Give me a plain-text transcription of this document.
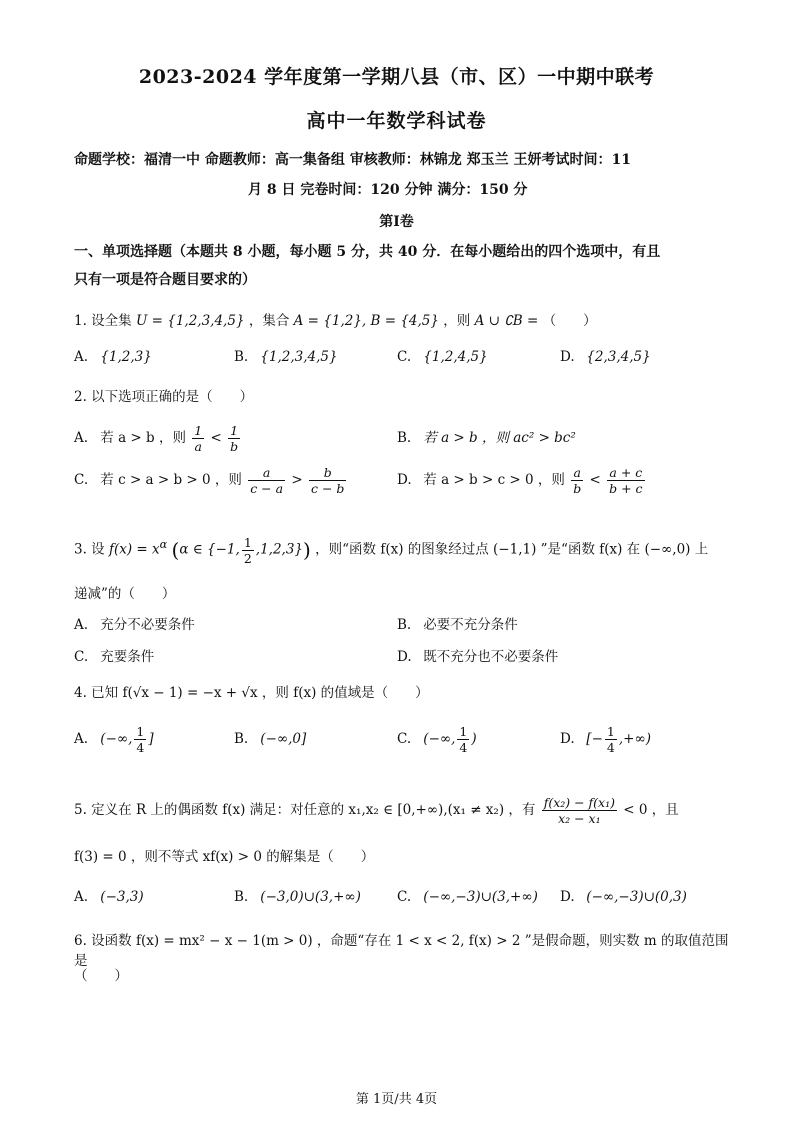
2023-2024 学年度第一学期八县（市、区）一中期中联考
高中一年数学科试卷
命题学校：福清一中 命题教师：高一集备组 审核教师：林锦龙 郑玉兰 王妍考试时间：11
月 8 日 完卷时间：120 分钟 满分：150 分
第Ⅰ卷
一、单项选择题（本题共 8 小题，每小题 5 分，共 40 分．在每小题给出的四个选项中，有且
只有一项是符合题目要求的）
1. 设全集 U = {1,2,3,4,5} ，集合 A = {1,2}, B = {4,5} ，则 A ∪ ∁B = （　　）
A. {1,2,3}	B. {1,2,3,4,5}	C. {1,2,4,5}	D. {2,3,4,5}
2. 以下选项正确的是（　　）
A. 若 a > b ，则 $\frac{1}{a} < \frac{1}{b}$	B. 若 a > b ，则 ac² > bc²
C. 若 c > a > b > 0 ，则 $\frac{a}{c - a} > \frac{b}{c - b}$	D. 若 a > b > c > 0 ，则 $\frac{a}{b} < \frac{a + c}{b + c}$
3. 设 $f(x) = x^\alpha$ (α ∈ {−1, $\frac{1}{2} ,1,2,3$}) ，则“函数 f(x) 的图象经过点 (−1,1) ”是“函数 f(x) 在 (−∞,0) 上
递减”的（　　）
A. 充分不必要条件	B. 必要不充分条件
C. 充要条件	D. 既不充分也不必要条件
4. 已知 f(√x − 1) = −x + √x ，则 f(x) 的值域是（　　）
A. (−∞, $\frac{1}{4}$ ]	B. (−∞,0]	C. (−∞, $\frac{1}{4}$ )	D. [− $\frac{1}{4}$ ,+∞)
5. 定义在 R 上的偶函数 f(x) 满足：对任意的 x₁,x₂ ∈ [0,+∞),(x₁ ≠ x₂) ，有 $\frac{\text{f(x₂) − f(x₁)}}{\text{x₂ − x₁}} < 0$ ，且
f(3) = 0 ，则不等式 xf(x) > 0 的解集是（　　）
A. (−3,3)	B. (−3,0)∪(3,+∞)	C. (−∞,−3)∪(3,+∞) D. (−∞,−3)∪(0,3)
6. 设函数 f(x) = mx² − x − 1(m > 0) ，命题“存在 1 < x < 2, f(x) > 2 ”是假命题，则实数 m 的取值范围是
（　　）
第 1页/共 4页
